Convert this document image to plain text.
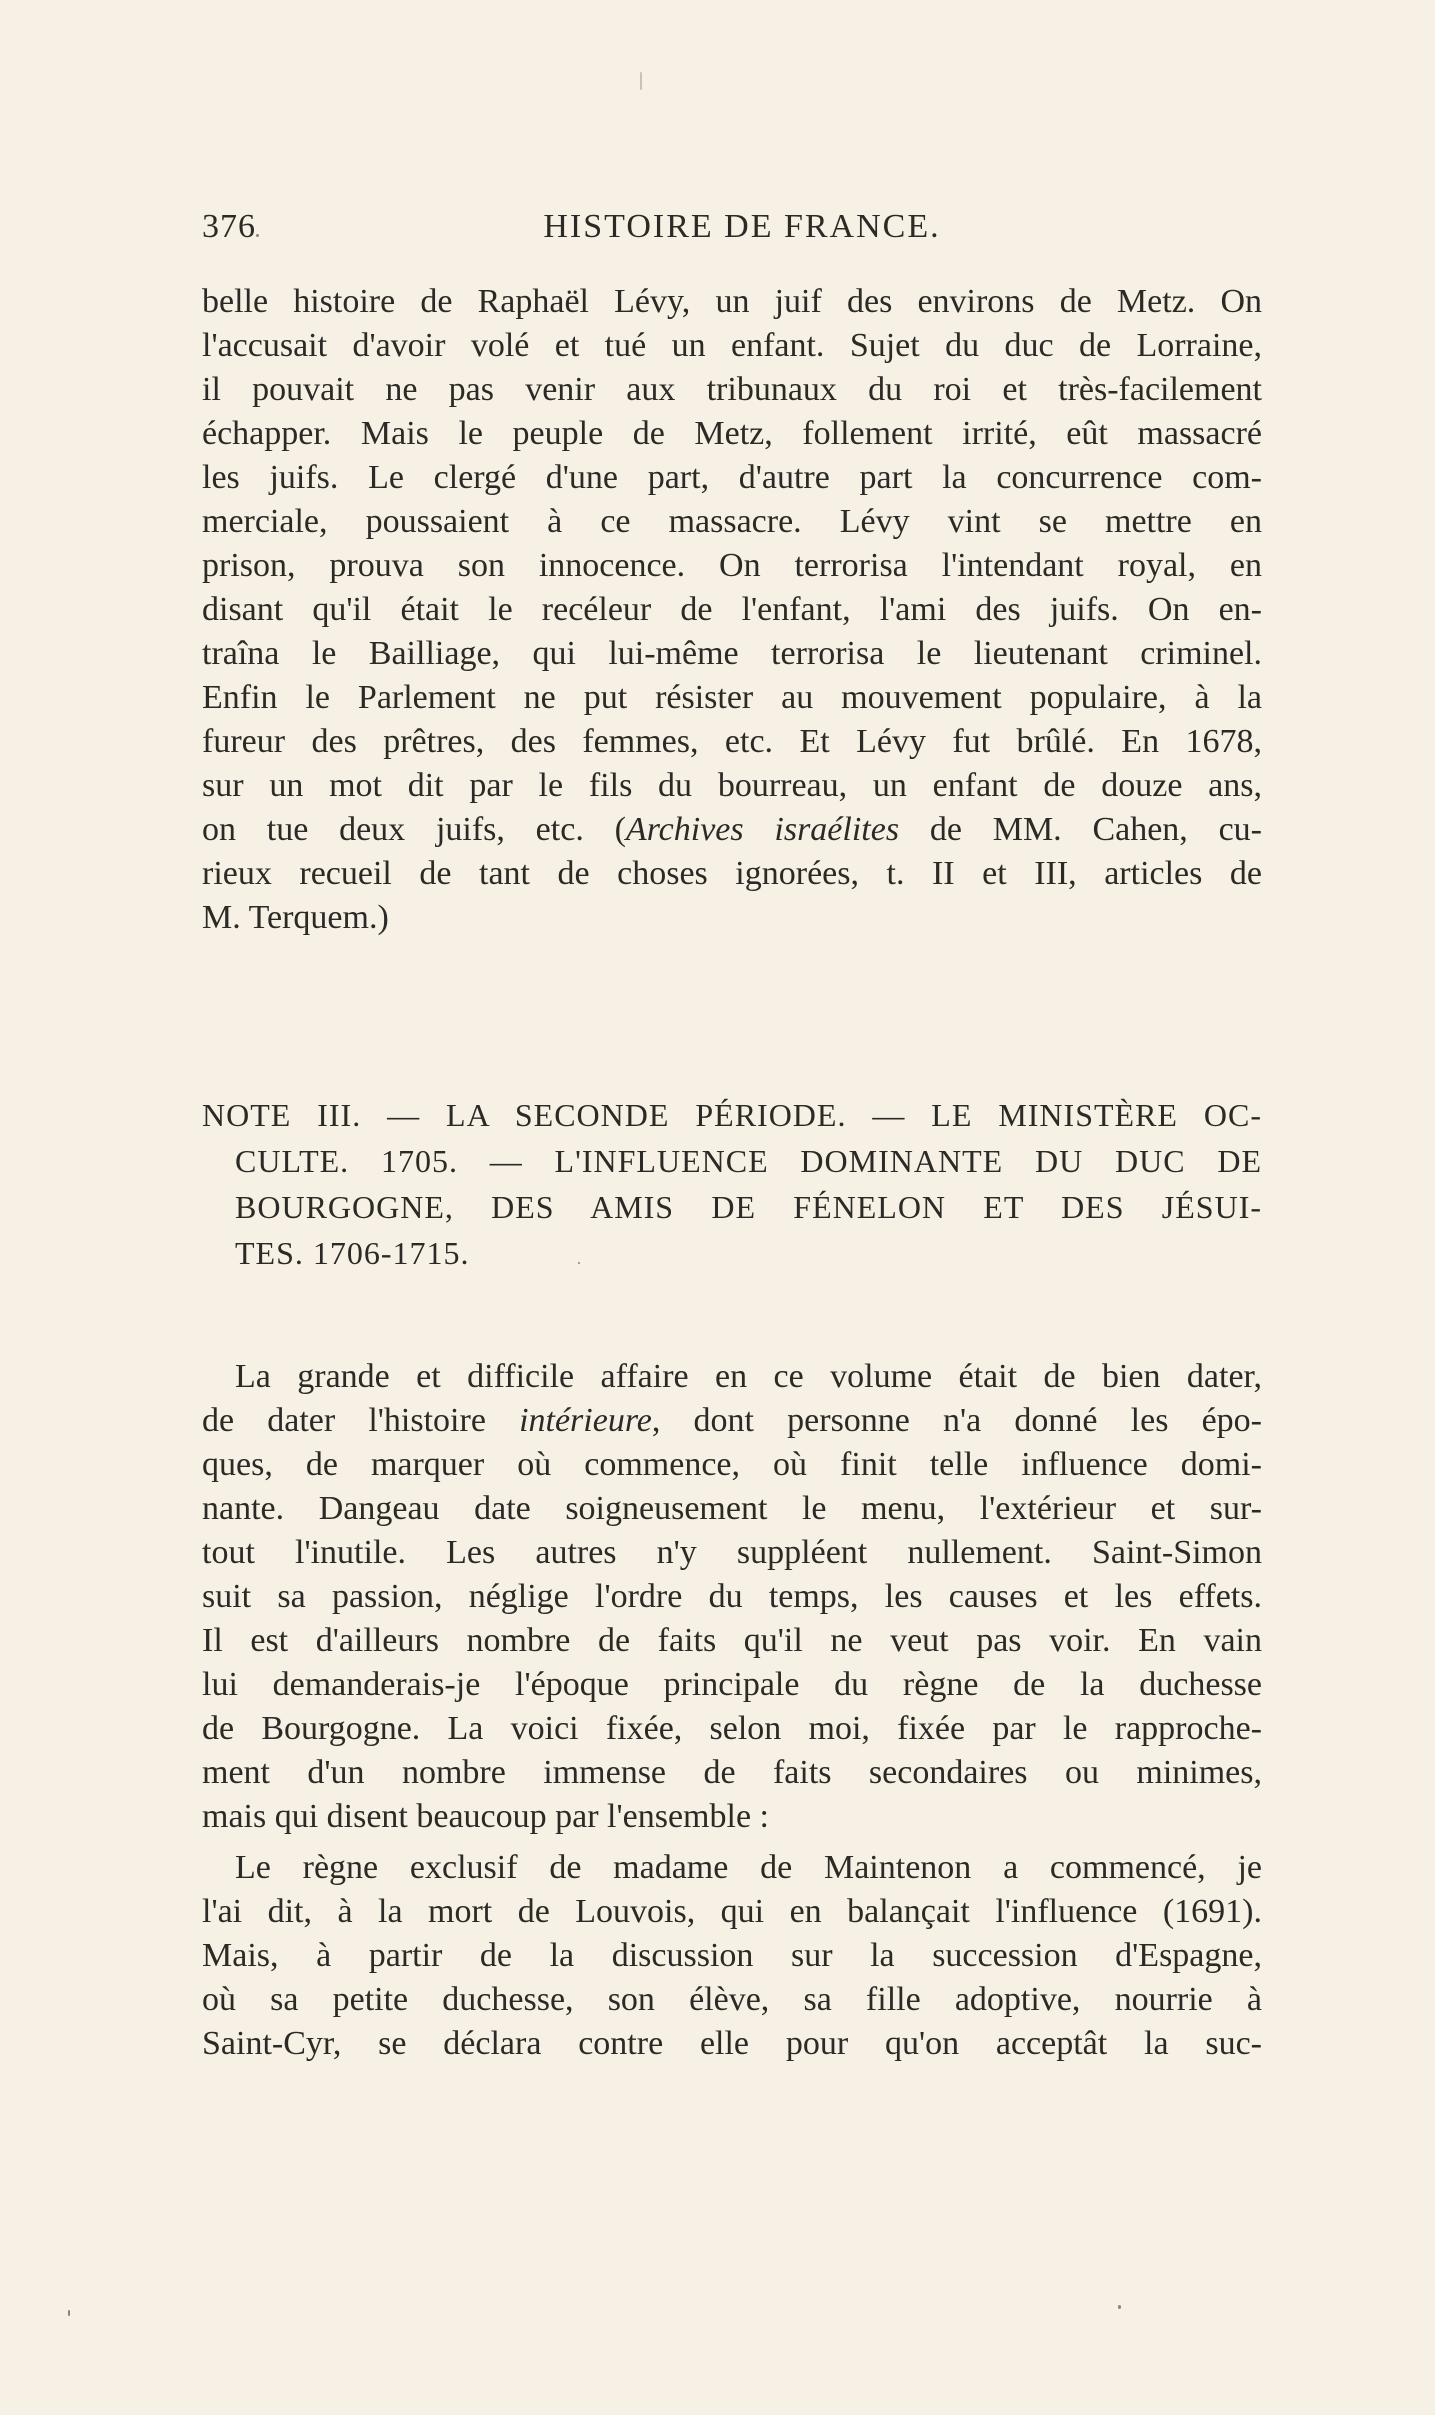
376	HISTOIRE DE FRANCE.
belle histoire de Raphaël Lévy, un juif des environs de Metz. On
l'accusait d'avoir volé et tué un enfant. Sujet du duc de Lorraine,
il pouvait ne pas venir aux tribunaux du roi et très-facilement
échapper. Mais le peuple de Metz, follement irrité, eût massacré
les juifs. Le clergé d'une part, d'autre part la concurrence com-
merciale, poussaient à ce massacre. Lévy vint se mettre en
prison, prouva son innocence. On terrorisa l'intendant royal, en
disant qu'il était le recéleur de l'enfant, l'ami des juifs. On en-
traîna le Bailliage, qui lui-même terrorisa le lieutenant criminel.
Enfin le Parlement ne put résister au mouvement populaire, à la
fureur des prêtres, des femmes, etc. Et Lévy fut brûlé. En 1678,
sur un mot dit par le fils du bourreau, un enfant de douze ans,
on tue deux juifs, etc. (Archives israélites de MM. Cahen, cu-
rieux recueil de tant de choses ignorées, t. II et III, articles de
M. Terquem.)
NOTE III. — LA SECONDE PÉRIODE. — LE MINISTÈRE OC-
CULTE. 1705. — L'INFLUENCE DOMINANTE DU DUC DE
BOURGOGNE, DES AMIS DE FÉNELON ET DES JÉSUI-
TES. 1706-1715.
La grande et difficile affaire en ce volume était de bien dater,
de dater l'histoire intérieure, dont personne n'a donné les épo-
ques, de marquer où commence, où finit telle influence domi-
nante. Dangeau date soigneusement le menu, l'extérieur et sur-
tout l'inutile. Les autres n'y suppléent nullement. Saint-Simon
suit sa passion, néglige l'ordre du temps, les causes et les effets.
Il est d'ailleurs nombre de faits qu'il ne veut pas voir. En vain
lui demanderais-je l'époque principale du règne de la duchesse
de Bourgogne. La voici fixée, selon moi, fixée par le rapproche-
ment d'un nombre immense de faits secondaires ou minimes,
mais qui disent beaucoup par l'ensemble :
Le règne exclusif de madame de Maintenon a commencé, je
l'ai dit, à la mort de Louvois, qui en balançait l'influence (1691).
Mais, à partir de la discussion sur la succession d'Espagne,
où sa petite duchesse, son élève, sa fille adoptive, nourrie à
Saint-Cyr, se déclara contre elle pour qu'on acceptât la suc-
